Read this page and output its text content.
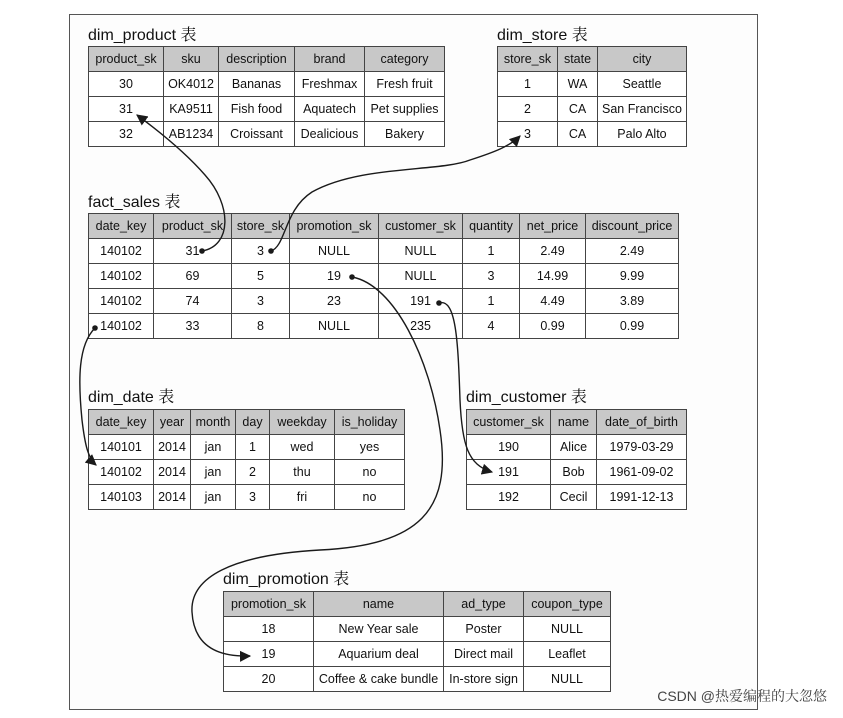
dim_product 表
product_sk	sku	description	brand	category
30	OK4012	Bananas	Freshmax	Fresh fruit
31	KA9511	Fish food	Aquatech	Pet supplies
32	AB1234	Croissant	Dealicious	Bakery
dim_store 表
store_sk	state	city
1	WA	Seattle
2	CA	San Francisco
3	CA	Palo Alto
fact_sales 表
date_key	product_sk	store_sk	promotion_sk	customer_sk	quantity	net_price	discount_price
140102	31	3	NULL	NULL	1	2.49	2.49
140102	69	5	19	NULL	3	14.99	9.99
140102	74	3	23	191	1	4.49	3.89
140102	33	8	NULL	235	4	0.99	0.99
dim_date 表
date_key	year	month	day	weekday	is_holiday
140101	2014	jan	1	wed	yes
140102	2014	jan	2	thu	no
140103	2014	jan	3	fri	no
dim_customer 表
customer_sk	name	date_of_birth
190	Alice	1979-03-29
191	Bob	1961-09-02
192	Cecil	1991-12-13
dim_promotion 表
promotion_sk	name	ad_type	coupon_type
18	New Year sale	Poster	NULL
19	Aquarium deal	Direct mail	Leaflet
20	Coffee & cake bundle	In-store sign	NULL
CSDN @热爱编程的大忽悠
